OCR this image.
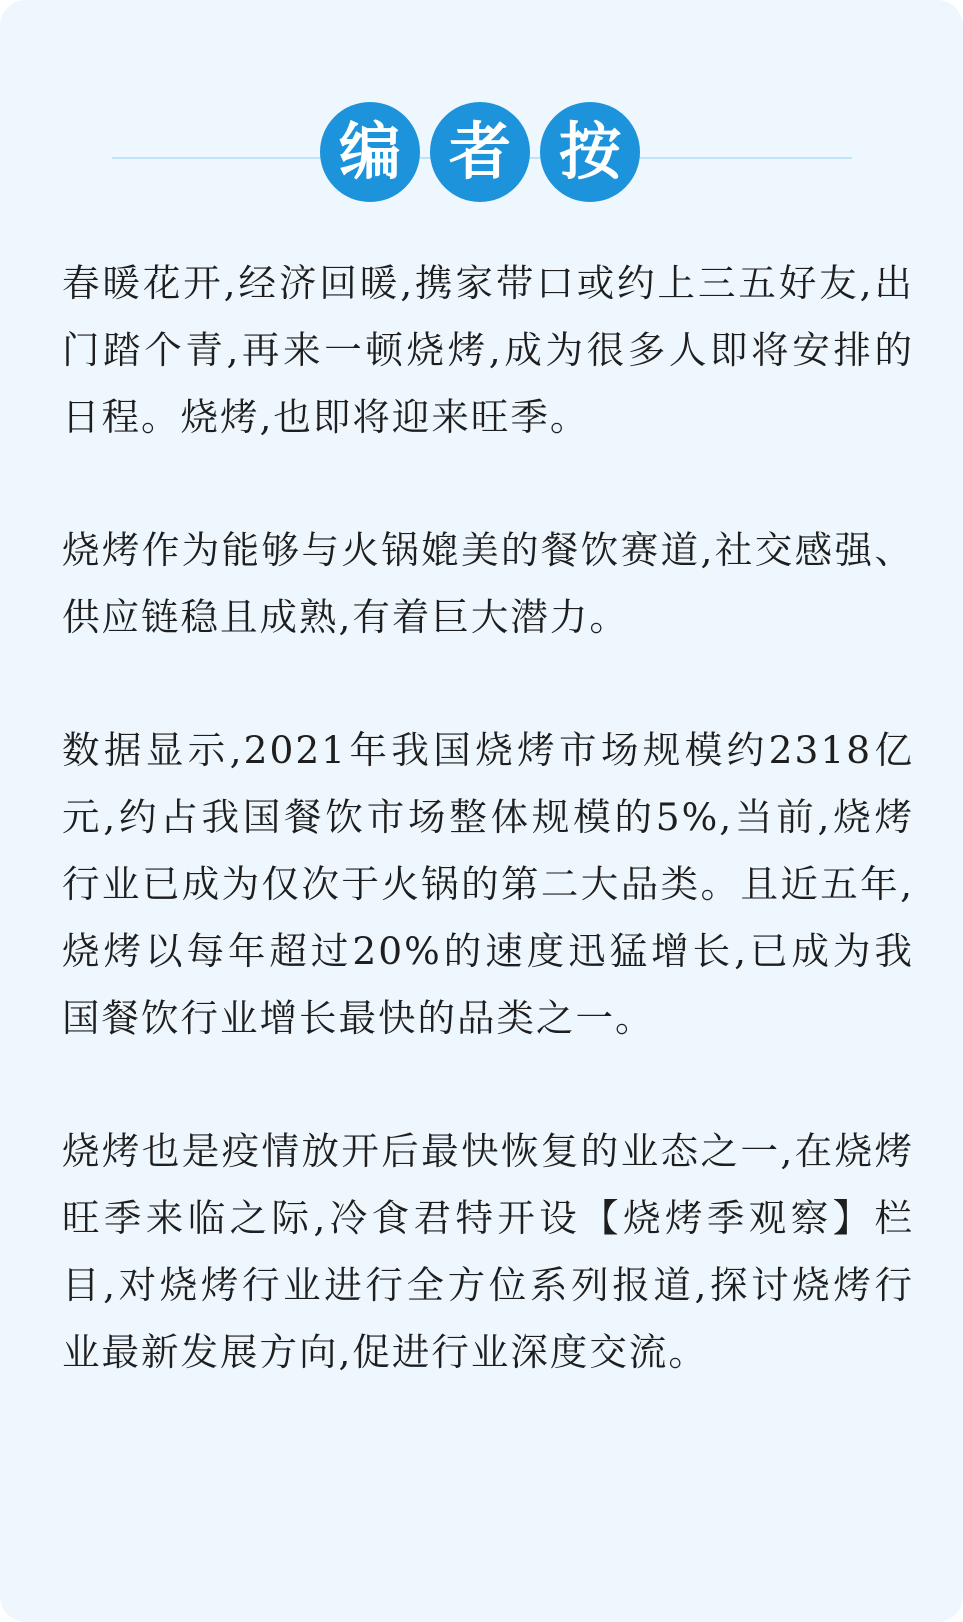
编 者 按

春暖花开,经济回暖,携家带口或约上三五好友,出门踏个青,再来一顿烧烤,成为很多人即将安排的日程。烧烤,也即将迎来旺季。

烧烤作为能够与火锅媲美的餐饮赛道,社交感强、供应链稳且成熟,有着巨大潜力。

数据显示,2021年我国烧烤市场规模约2318亿元,约占我国餐饮市场整体规模的5%,当前,烧烤行业已成为仅次于火锅的第二大品类。且近五年,烧烤以每年超过20%的速度迅猛增长,已成为我国餐饮行业增长最快的品类之一。

烧烤也是疫情放开后最快恢复的业态之一,在烧烤旺季来临之际,冷食君特开设【烧烤季观察】栏目,对烧烤行业进行全方位系列报道,探讨烧烤行业最新发展方向,促进行业深度交流。
